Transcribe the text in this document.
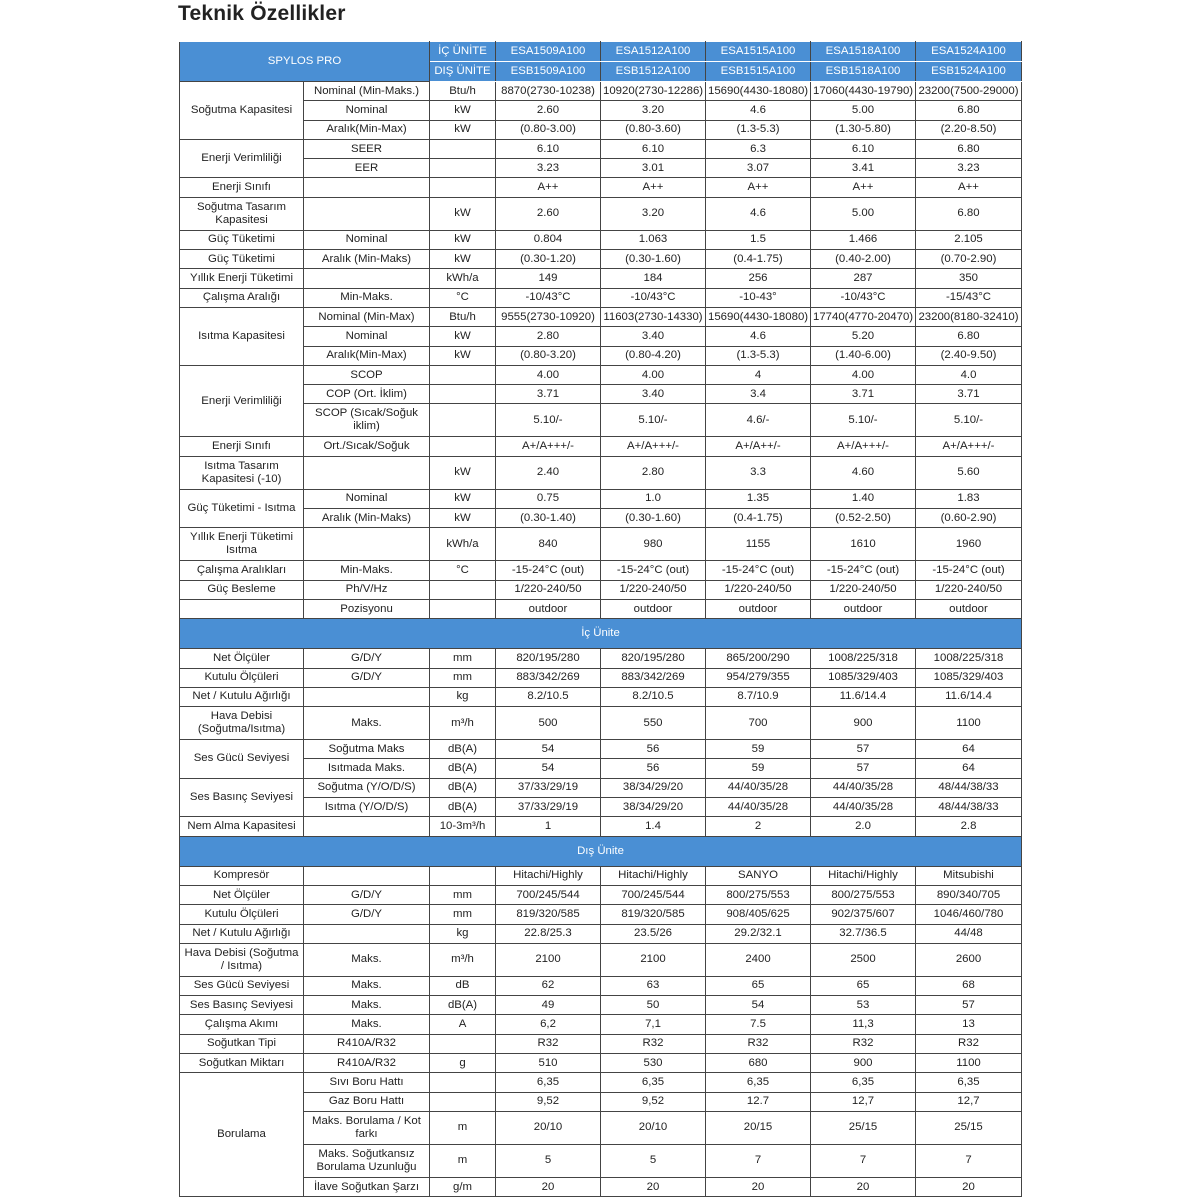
Teknik Özellikler
SPYLOS PRO		İÇ ÜNİTE	ESA1509A100	ESA1512A100	ESA1515A100	ESA1518A100	ESA1524A100
		DIŞ ÜNİTE	ESB1509A100	ESB1512A100	ESB1515A100	ESB1518A100	ESB1524A100
Soğutma Kapasitesi	Nominal (Min-Maks.)	Btu/h	8870(2730-10238)	10920(2730-12286)	15690(4430-18080)	17060(4430-19790)	23200(7500-29000)
	Nominal	kW	2.60	3.20	4.6	5.00	6.80
	Aralık(Min-Max)	kW	(0.80-3.00)	(0.80-3.60)	(1.3-5.3)	(1.30-5.80)	(2.20-8.50)
Enerji Verimliliği	SEER		6.10	6.10	6.3	6.10	6.80
	EER		3.23	3.01	3.07	3.41	3.23
Enerji Sınıfı			A++	A++	A++	A++	A++
Soğutma Tasarım Kapasitesi		kW	2.60	3.20	4.6	5.00	6.80
Güç Tüketimi	Nominal	kW	0.804	1.063	1.5	1.466	2.105
Güç Tüketimi	Aralık (Min-Maks)	kW	(0.30-1.20)	(0.30-1.60)	(0.4-1.75)	(0.40-2.00)	(0.70-2.90)
Yıllık Enerji Tüketimi		kWh/a	149	184	256	287	350
Çalışma Aralığı	Min-Maks.	°C	-10/43°C	-10/43°C	-10-43°	-10/43°C	-15/43°C
Isıtma Kapasitesi	Nominal (Min-Max)	Btu/h	9555(2730-10920)	11603(2730-14330)	15690(4430-18080)	17740(4770-20470)	23200(8180-32410)
	Nominal	kW	2.80	3.40	4.6	5.20	6.80
	Aralık(Min-Max)	kW	(0.80-3.20)	(0.80-4.20)	(1.3-5.3)	(1.40-6.00)	(2.40-9.50)
Enerji Verimliliği	SCOP		4.00	4.00	4	4.00	4.0
	COP (Ort. İklim)		3.71	3.40	3.4	3.71	3.71
	SCOP (Sıcak/Soğuk iklim)		5.10/-	5.10/-	4.6/-	5.10/-	5.10/-
Enerji Sınıfı	Ort./Sıcak/Soğuk		A+/A+++/-	A+/A+++/-	A+/A++/-	A+/A+++/-	A+/A+++/-
Isıtma Tasarım Kapasitesi (-10)		kW	2.40	2.80	3.3	4.60	5.60
Güç Tüketimi - Isıtma	Nominal	kW	0.75	1.0	1.35	1.40	1.83
	Aralık (Min-Maks)	kW	(0.30-1.40)	(0.30-1.60)	(0.4-1.75)	(0.52-2.50)	(0.60-2.90)
Yıllık Enerji Tüketimi Isıtma		kWh/a	840	980	1155	1610	1960
Çalışma Aralıkları	Min-Maks.	°C	-15-24°C (out)	-15-24°C (out)	-15-24°C (out)	-15-24°C (out)	-15-24°C (out)
Güç Besleme	Ph/V/Hz		1/220-240/50	1/220-240/50	1/220-240/50	1/220-240/50	1/220-240/50
	Pozisyonu		outdoor	outdoor	outdoor	outdoor	outdoor
İç Ünite							
Net Ölçüler	G/D/Y	mm	820/195/280	820/195/280	865/200/290	1008/225/318	1008/225/318
Kutulu Ölçüleri	G/D/Y	mm	883/342/269	883/342/269	954/279/355	1085/329/403	1085/329/403
Net / Kutulu Ağırlığı		kg	8.2/10.5	8.2/10.5	8.7/10.9	11.6/14.4	11.6/14.4
Hava Debisi (Soğutma/Isıtma)	Maks.	m³/h	500	550	700	900	1100
Ses Gücü Seviyesi	Soğutma Maks	dB(A)	54	56	59	57	64
	Isıtmada Maks.	dB(A)	54	56	59	57	64
Ses Basınç Seviyesi	Soğutma (Y/O/D/S)	dB(A)	37/33/29/19	38/34/29/20	44/40/35/28	44/40/35/28	48/44/38/33
	Isıtma (Y/O/D/S)	dB(A)	37/33/29/19	38/34/29/20	44/40/35/28	44/40/35/28	48/44/38/33
Nem Alma Kapasitesi		10-3m³/h	1	1.4	2	2.0	2.8
Dış Ünite							
Kompresör			Hitachi/Highly	Hitachi/Highly	SANYO	Hitachi/Highly	Mitsubishi
Net Ölçüler	G/D/Y	mm	700/245/544	700/245/544	800/275/553	800/275/553	890/340/705
Kutulu Ölçüleri	G/D/Y	mm	819/320/585	819/320/585	908/405/625	902/375/607	1046/460/780
Net / Kutulu Ağırlığı		kg	22.8/25.3	23.5/26	29.2/32.1	32.7/36.5	44/48
Hava Debisi (Soğutma / Isıtma)	Maks.	m³/h	2100	2100	2400	2500	2600
Ses Gücü Seviyesi	Maks.	dB	62	63	65	65	68
Ses Basınç Seviyesi	Maks.	dB(A)	49	50	54	53	57
Çalışma Akımı	Maks.	A	6,2	7,1	7.5	11,3	13
Soğutkan Tipi	R410A/R32		R32	R32	R32	R32	R32
Soğutkan Miktarı	R410A/R32	g	510	530	680	900	1100
Borulama	Sıvı Boru Hattı		6,35	6,35	6,35	6,35	6,35
	Gaz Boru Hattı		9,52	9,52	12.7	12,7	12,7
	Maks. Borulama / Kot farkı	m	20/10	20/10	20/15	25/15	25/15
	Maks. Soğutkansız Borulama Uzunluğu	m	5	5	7	7	7
	İlave Soğutkan Şarzı	g/m	20	20	20	20	20
